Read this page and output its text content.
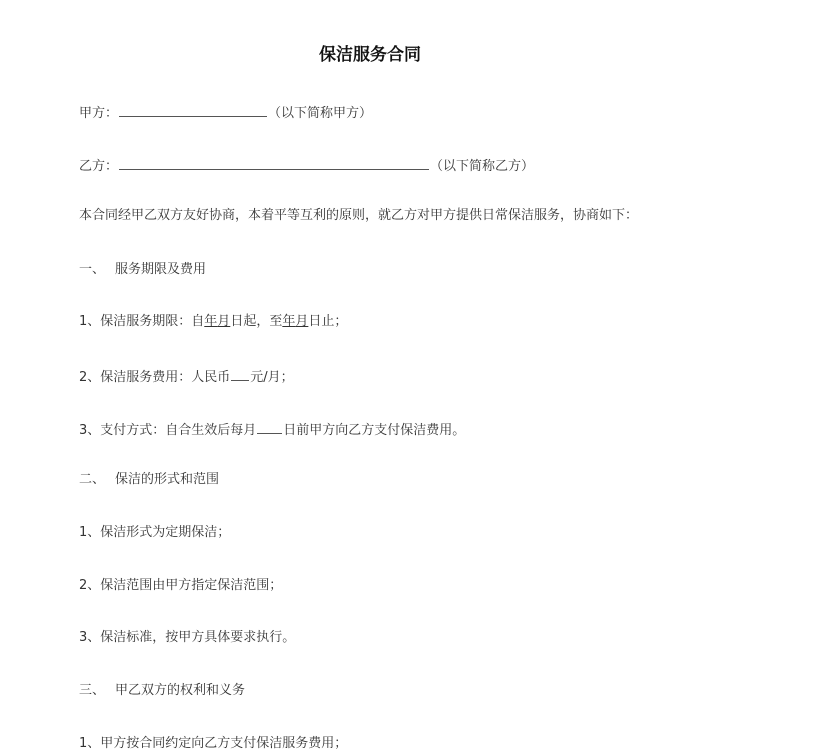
保洁服务合同
甲方：	（以下简称甲方）
乙方：	（以下简称乙方）
本合同经甲乙双方友好协商，本着平等互利的原则，就乙方对甲方提供日常保洁服务，协商如下：
一、 服务期限及费用
1、保洁服务期限：自年月日起，至年月日止；
2、保洁服务费用：人民币 元/月；
3、支付方式：自合生效后每月 日前甲方向乙方支付保洁费用。
二、 保洁的形式和范围
1、保洁形式为定期保洁；
2、保洁范围由甲方指定保洁范围；
3、保洁标准，按甲方具体要求执行。
三、 甲乙双方的权利和义务
1、甲方按合同约定向乙方支付保洁服务费用；
